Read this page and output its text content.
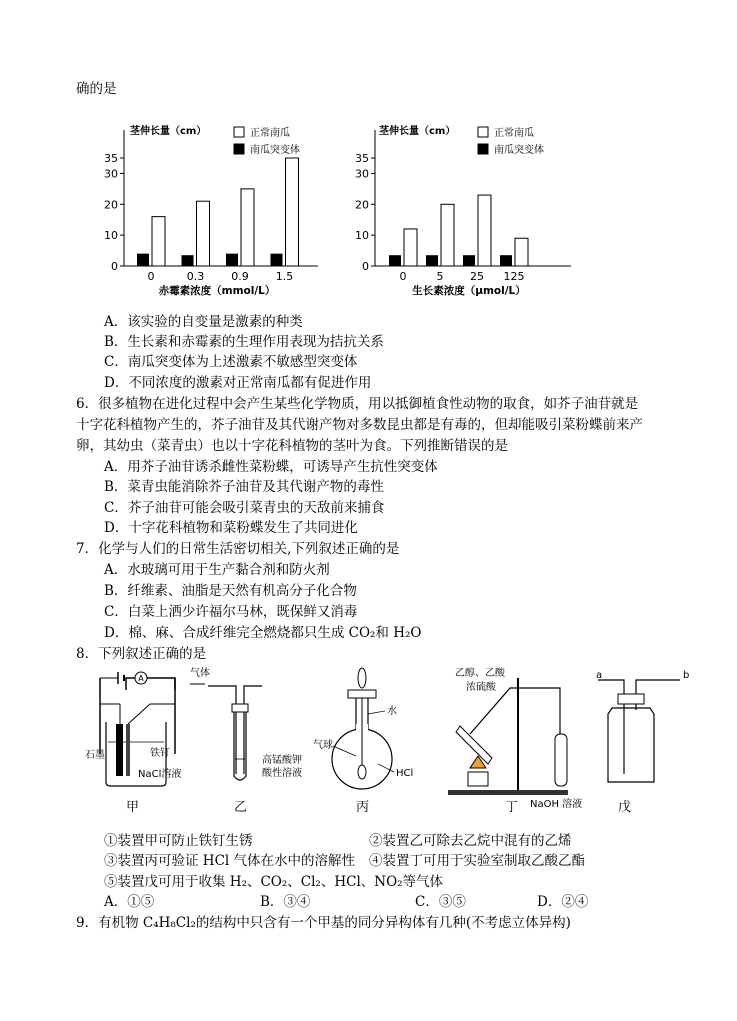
确的是
茎伸长量（cm）	正常南瓜
南瓜突变体
0
10
20
30
35
0	0.3 0.9 1.5
赤霉素浓度（mmol/L）
茎伸长量（cm）	正常南瓜
南瓜突变体
0
10
20
30
35
0	5 25 125
生长素浓度（μmol/L）
A．该实验的自变量是激素的种类
B．生长素和赤霉素的生理作用表现为拮抗关系
C．南瓜突变体为上述激素不敏感型突变体
D．不同浓度的激素对正常南瓜都有促进作用
6．很多植物在进化过程中会产生某些化学物质，用以抵御植食性动物的取食，如芥子油苷就是
十字花科植物产生的，芥子油苷及其代谢产物对多数昆虫都是有毒的，但却能吸引菜粉蝶前来产
卵，其幼虫（菜青虫）也以十字花科植物的茎叶为食。下列推断错误的是
A．用芥子油苷诱杀雌性菜粉蝶，可诱导产生抗性突变体
B．菜青虫能消除芥子油苷及其代谢产物的毒性
C．芥子油苷可能会吸引菜青虫的天敌前来捕食
D．十字花科植物和菜粉蝶发生了共同进化
7．化学与人们的日常生活密切相关,下列叙述正确的是
A．水玻璃可用于生产黏合剂和防火剂
B．纤维素、油脂是天然有机高分子化合物
C．白菜上洒少许福尔马林，既保鲜又消毒
D．棉、麻、合成纤维完全燃烧都只生成 CO₂和 H₂O
8．下列叙述正确的是
A
石墨	铁钉
NaCl溶液
甲
气体
高锰酸钾
酸性溶液
乙
水
气球
HCl
丙
乙醇、乙酸
浓硫酸
NaOH 溶液
丁
a	b
戊
①装置甲可防止铁钉生锈	②装置乙可除去乙烷中混有的乙烯
③装置丙可验证 HCl 气体在水中的溶解性 ④装置丁可用于实验室制取乙酸乙酯
⑤装置戊可用于收集 H₂、CO₂、Cl₂、HCl、NO₂等气体
A．①⑤	B．③④	C．③⑤	D．②④
9．有机物 C₄H₈Cl₂的结构中只含有一个甲基的同分异构体有几种(不考虑立体异构)
